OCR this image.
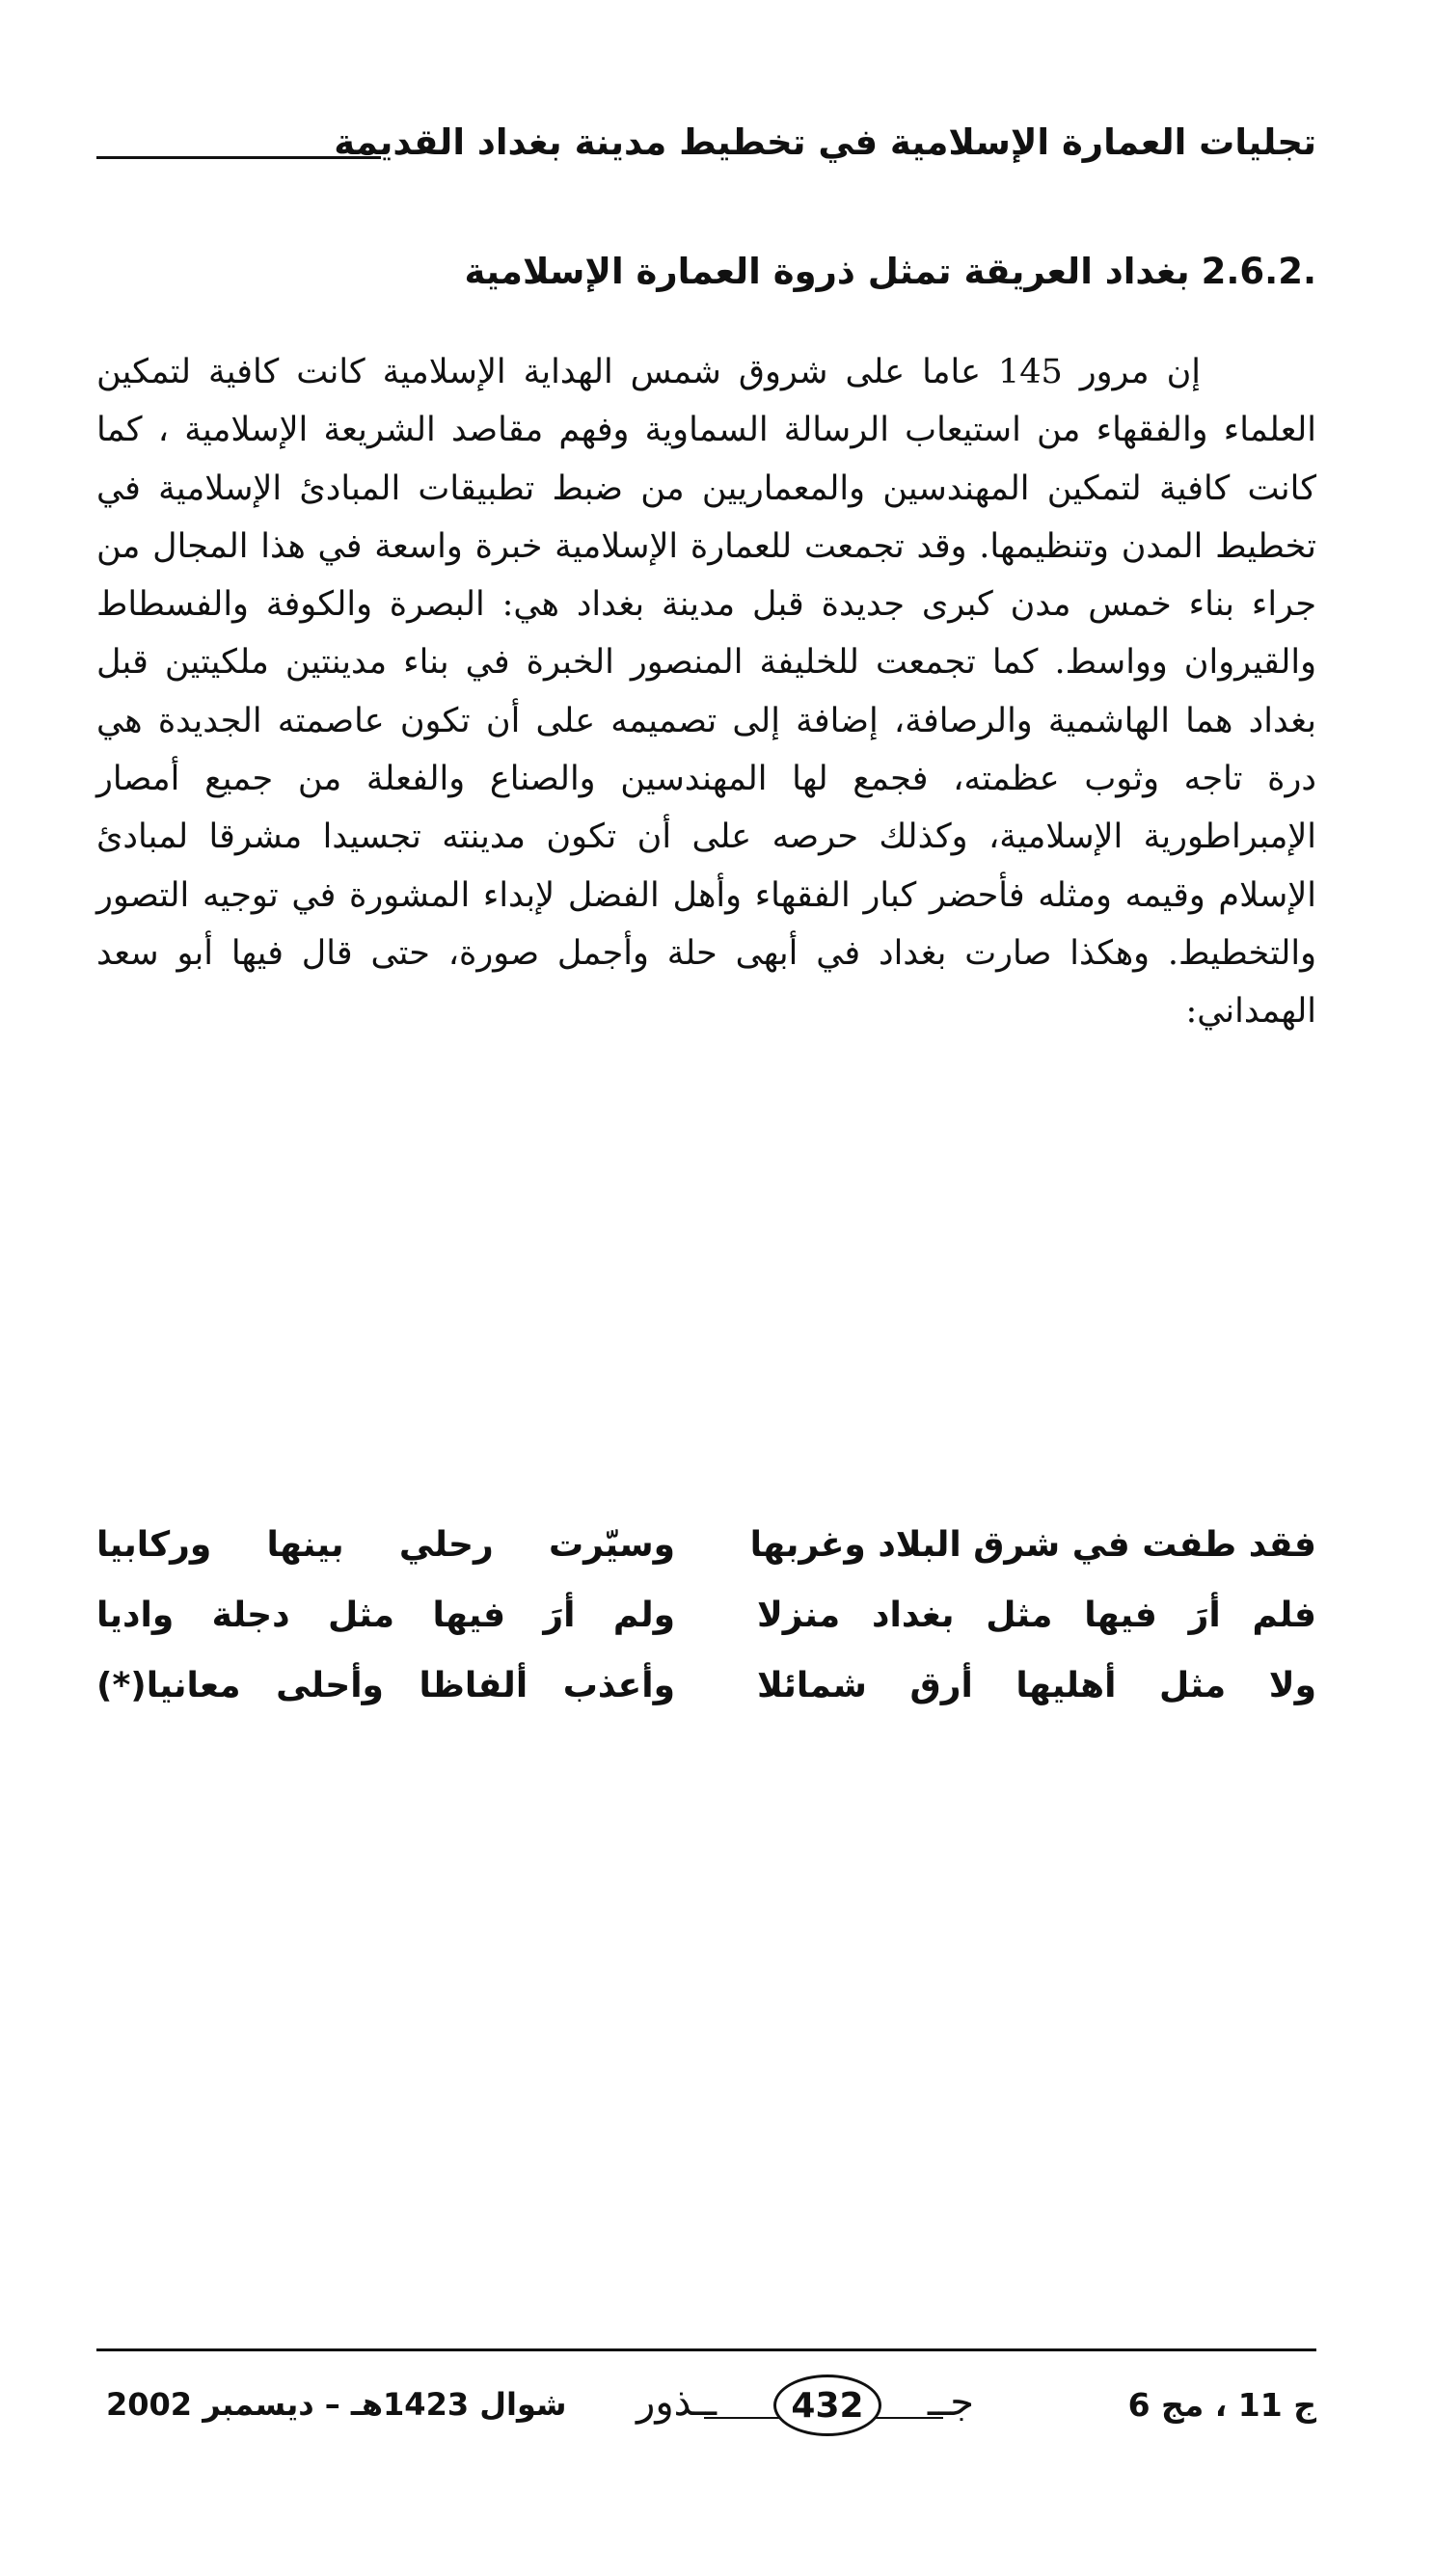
تجليات العمارة الإسلامية في تخطيط مدينة بغداد القديمة
2.6.2.بغداد العريقة تمثل ذروة العمارة الإسلامية

إن مرور 145 عاما على شروق شمس الهداية الإسلامية كانت كافية لتمكين العلماء والفقهاء من استيعاب الرسالة السماوية وفهم مقاصد الشريعة الإسلامية ، كما كانت كافية لتمكين المهندسين والمعماريين من ضبط تطبيقات المبادئ الإسلامية في تخطيط المدن وتنظيمها. وقد تجمعت للعمارة الإسلامية خبرة واسعة في هذا المجال من جراء بناء خمس مدن كبرى جديدة قبل مدينة بغداد هي: البصرة والكوفة والفسطاط والقيروان وواسط. كما تجمعت للخليفة المنصور الخبرة في بناء مدينتين ملكيتين قبل بغداد هما الهاشمية والرصافة، إضافة إلى تصميمه على أن تكون عاصمته الجديدة هي درة تاجه وثوب عظمته، فجمع لها المهندسين والصناع والفعلة من جميع أمصار الإمبراطورية الإسلامية، وكذلك حرصه على أن تكون مدينته تجسيدا مشرقا لمبادئ الإسلام وقيمه ومثله فأحضر كبار الفقهاء وأهل الفضل لإبداء المشورة في توجيه التصور والتخطيط. وهكذا صارت بغداد في أبهى حلة وأجمل صورة، حتى قال فيها أبو سعد الهمداني:

فقد طفت في شرق البلاد وغربها
وسيّرت رحلي بينها وركابيا
فلم أرَ فيها مثل بغداد منزلا
ولم أرَ فيها مثل دجلة واديا
ولا مثل أهليها أرق شمائلا
وأعذب ألفاظا وأحلى معانيا(*)
ج 11 ، مج 6
جــ
ــذور 432
شوال 1423هـ – ديسمبر 2002
